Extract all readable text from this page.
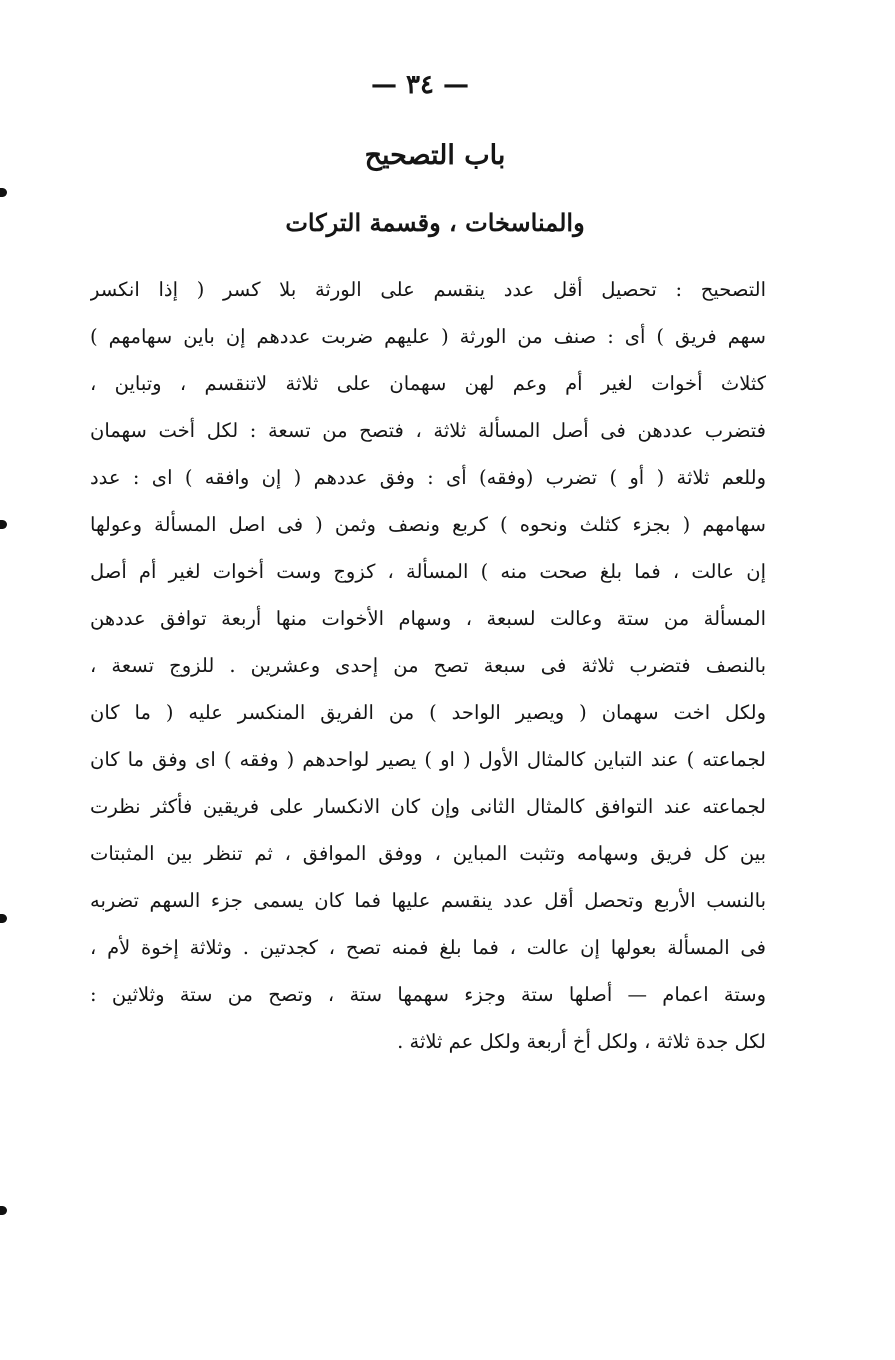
— ٣٤ —
باب التصحيح
والمناسخات ، وقسمة التركات
التصحيح : تحصيل أقل عدد ينقسم على الورثة بلا كسر ( إذا انكسر
سهم فريق ) أى : صنف من الورثة ( عليهم ضربت عددهم إن باين سهامهم )
كثلاث أخوات لغير أم وعم لهن سهمان على ثلاثة لاتنقسم ، وتباين ،
فتضرب عددهن فى أصل المسألة ثلاثة ، فتصح من تسعة : لكل أخت سهمان
وللعم ثلاثة ( أو ) تضرب (وفقه) أى : وفق عددهم ( إن وافقه ) اى : عدد
سهامهم ( بجزء كثلث ونحوه ) كربع ونصف وثمن ( فى اصل المسألة وعولها
إن عالت ، فما بلغ صحت منه ) المسألة ، كزوج وست أخوات لغير أم أصل
المسألة من ستة وعالت لسبعة ، وسهام الأخوات منها أربعة توافق عددهن
بالنصف فتضرب ثلاثة فى سبعة تصح من إحدى وعشرين . للزوج تسعة ،
ولكل اخت سهمان ( ويصير الواحد ) من الفريق المنكسر عليه ( ما كان
لجماعته ) عند التباين كالمثال الأول ( او ) يصير لواحدهم ( وفقه ) اى وفق ما كان
لجماعته عند التوافق كالمثال الثانى وإن كان الانكسار على فريقين فأكثر نظرت
بين كل فريق وسهامه وتثبت المباين ، ووفق الموافق ، ثم تنظر بين المثبتات
بالنسب الأربع وتحصل أقل عدد ينقسم عليها فما كان يسمى جزء السهم تضربه
فى المسألة بعولها إن عالت ، فما بلغ فمنه تصح ، كجدتين . وثلاثة إخوة لأم ،
وستة اعمام — أصلها ستة وجزء سهمها ستة ، وتصح من ستة وثلاثين :
لكل جدة ثلاثة ، ولكل أخ أربعة ولكل عم ثلاثة .
